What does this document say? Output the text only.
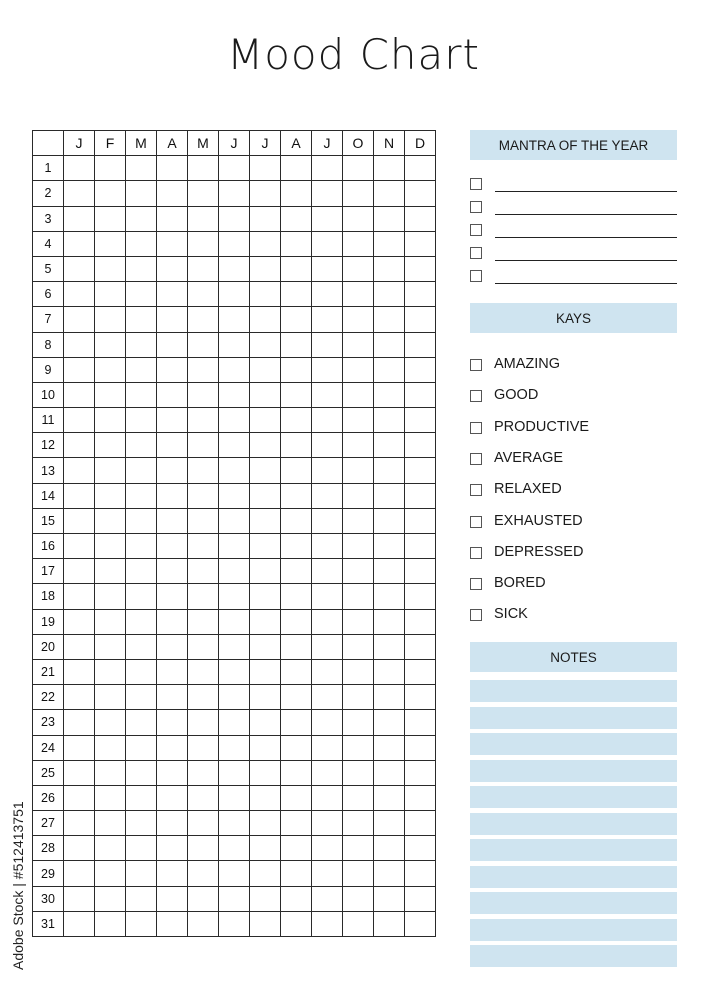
Mood Chart
	J	F	M	A	M	J	J	A	J	O	N	D
1												
2												
3												
4												
5												
6												
7												
8												
9												
10												
11												
12												
13												
14												
15												
16												
17												
18												
19												
20												
21												
22												
23												
24												
25												
26												
27												
28												
29												
30												
31												
MANTRA OF THE YEAR
KAYS
AMAZING
GOOD
PRODUCTIVE
AVERAGE
RELAXED
EXHAUSTED
DEPRESSED
BORED
SICK
NOTES
Adobe Stock | #512413751
